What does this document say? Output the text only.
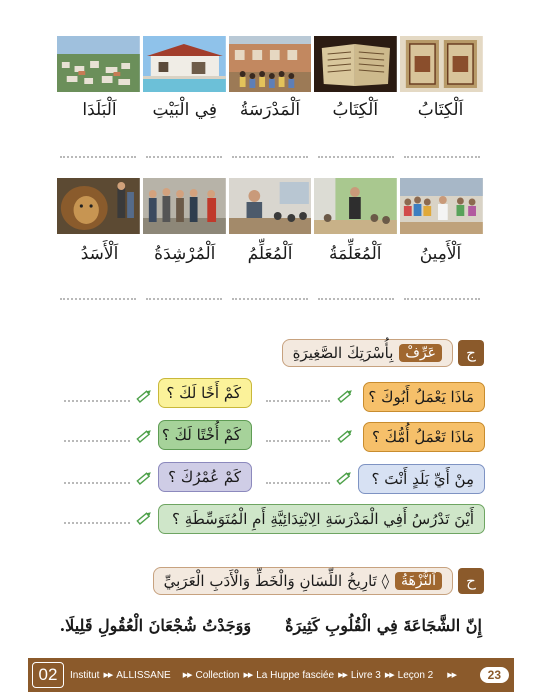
اَلْكِتَابُ
اَلْكِتَابُ
اَلْمَدْرَسَةُ
فِي الْبَيْتِ
اَلْبَلَدَا
اَلْأَمِينُ
اَلْمُعَلِّمَةُ
اَلْمُعَلِّمُ
اَلْمُرْشِدَةُ
اَلْأَسَدُ
ج
عَرِّفْ
بِأُسْرَتِكَ الصَّغِيرَةِ
مَاذَا يَعْمَلُ أَبُوكَ ؟
كَمْ أَخًا لَكَ ؟
مَاذَا تَعْمَلُ أُمُّكَ ؟
كَمْ أُخْتًا لَكَ ؟
مِنْ أَيِّ بَلَدٍ أَنْتَ ؟
كَمْ عُمْرُكَ ؟
أَيْنَ تَدْرُسُ أَفِي الْمَدْرَسَةِ الِابْتِدَائِيَّةِ أَمِ الْمُتَوَسِّطَةِ ؟
ح
اَلنُّزْهَةُ
◊ تَارِيخُ اللِّسَانِ وَالْخَطِّ وَالْأَدَبِ الْعَرَبِيِّ
إِنّ الشَّجَاعَةَ فِي الْقُلُوبِ كَثِيرَةٌ
وَوَجَدْتُ شُجْعَانَ الْعُقُولِ قَلِيلَا.
02	Institut ▶▶ ALLISSANE ▶▶ Collection ▶▶ La Huppe fasciée ▶▶ Livre 3 ▶▶ Leçon 2 ▶▶	23
